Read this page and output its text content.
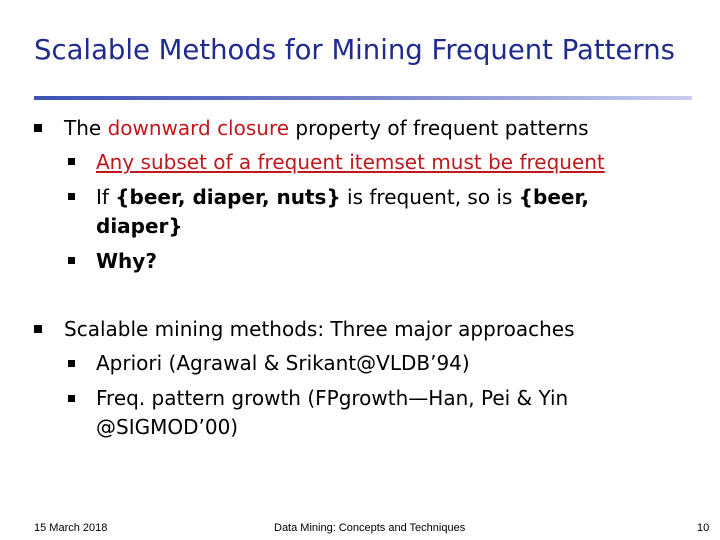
Scalable Methods for Mining Frequent Patterns
The downward closure property of frequent patterns
Any subset of a frequent itemset must be frequent
If {beer, diaper, nuts} is frequent, so is {beer,
diaper}
Why?
Scalable mining methods: Three major approaches
Apriori (Agrawal & Srikant@VLDB’94)
Freq. pattern growth (FPgrowth—Han, Pei & Yin
@SIGMOD’00)
15 March 2018	Data Mining: Concepts and Techniques	10
